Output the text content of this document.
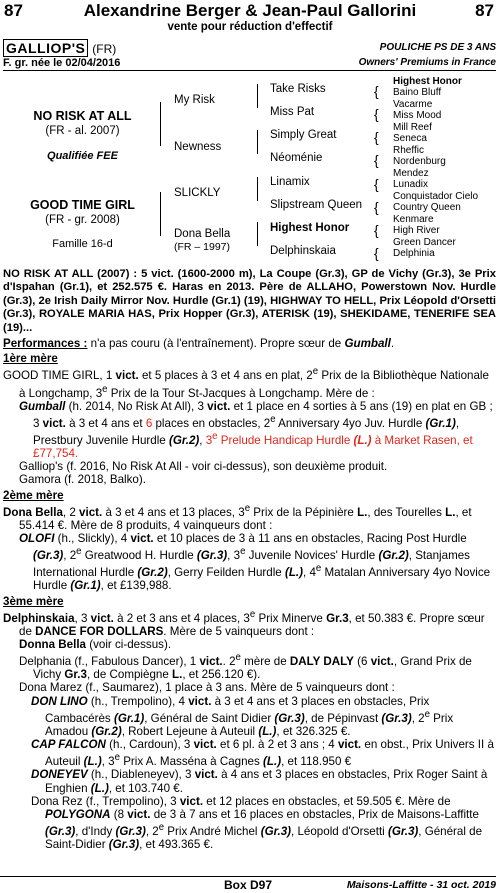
87	Alexandrine Berger & Jean-Paul Gallorini	87
vente pour réduction d'effectif
GALLIOP'S (FR)
F. gr. née le 02/04/2016
POULICHE PS DE 3 ANS
Owners' Premiums in France
NO RISK AT ALL
(FR - al. 2007)
Qualifiée FEE
GOOD TIME GIRL
(FR - gr. 2008)
Famille 16-d
My Risk
Newness
SLICKLY
Dona Bella
(FR – 1997)
Take Risks
Miss Pat
Simply Great
Néoménie
Linamix
Slipstream Queen
Highest Honor
Delphinskaia
{
{
{
{
{
{
{
{
Highest Honor
Baino Bluff
Vacarme
Miss Mood
Mill Reef
Seneca
Rheffic
Nordenburg
Mendez
Lunadix
Conquistador Cielo
Country Queen
Kenmare
High River
Green Dancer
Delphinia

NO RISK AT ALL (2007) : 5 vict. (1600-2000 m), La Coupe (Gr.3), GP de Vichy (Gr.3), 3e Prix d'Ispahan (Gr.1), et 252.575 €. Haras en 2013. Père de ALLAHO, Powerstown Nov. Hurdle (Gr.3), 2e Irish Daily Mirror Nov. Hurdle (Gr.1) (19), HIGHWAY TO HELL, Prix Léopold d'Orsetti (Gr.3), ROYALE MARIA HAS, Prix Hopper (Gr.3), ATERISK (19), SHEKIDAME, TENERIFE SEA (19)...

Performances : n'a pas couru (à l'entraînement). Propre sœur de Gumball.

1ère mère

GOOD TIME GIRL, 1 vict. et 5 places à 3 et 4 ans en plat, 2e Prix de la Bibliothèque Nationale à Longchamp, 3e Prix de la Tour St-Jacques à Longchamp. Mère de :

Gumball (h. 2014, No Risk At All), 3 vict. et 1 place en 4 sorties à 5 ans (19) en plat en GB ; 3 vict. à 3 et 4 ans et 6 places en obstacles, 2e Anniversary 4yo Juv. Hurdle (Gr.1), Prestbury Juvenile Hurdle (Gr.2), 3e Prelude Handicap Hurdle (L.) à Market Rasen, et £77,754.

Galliop's (f. 2016, No Risk At All - voir ci-dessus), son deuxième produit.

Gamora (f. 2018, Balko).

2ème mère

Dona Bella, 2 vict. à 3 et 4 ans et 13 places, 3e Prix de la Pépinière L., des Tourelles L., et 55.414 €. Mère de 8 produits, 4 vainqueurs dont :

OLOFI (h., Slickly), 4 vict. et 10 places de 3 à 11 ans en obstacles, Racing Post Hurdle (Gr.3), 2e Greatwood H. Hurdle (Gr.3), 3e Juvenile Novices' Hurdle (Gr.2), Stanjames International Hurdle (Gr.2), Gerry Feilden Hurdle (L.), 4e Matalan Anniversary 4yo Novice Hurdle (Gr.1), et £139,988.

3ème mère

Delphinskaia, 3 vict. à 2 et 3 ans et 4 places, 3e Prix Minerve Gr.3, et 50.383 €. Propre sœur de DANCE FOR DOLLARS. Mère de 5 vainqueurs dont :

Donna Bella (voir ci-dessus).

Delphania (f., Fabulous Dancer), 1 vict.. 2e mère de DALY DALY (6 vict., Grand Prix de Vichy Gr.3, de Compiègne L., et 256.120 €).

Dona Marez (f., Saumarez), 1 place à 3 ans. Mère de 5 vainqueurs dont :

DON LINO (h., Trempolino), 4 vict. à 3 et 4 ans et 3 places en obstacles, Prix Cambacérès (Gr.1), Général de Saint Didier (Gr.3), de Pépinvast (Gr.3), 2e Prix Amadou (Gr.2), Robert Lejeune à Auteuil (L.), et 326.325 €.

CAP FALCON (h., Cardoun), 3 vict. et 6 pl. à 2 et 3 ans ; 4 vict. en obst., Prix Univers II à Auteuil (L.), 3e Prix A. Masséna à Cagnes (L.), et 118.950 €

DONEYEV (h., Diableneyev), 3 vict. à 4 ans et 3 places en obstacles, Prix Roger Saint à Enghien (L.), et 103.740 €.

Dona Rez (f., Trempolino), 3 vict. et 12 places en obstacles, et 59.505 €. Mère de POLYGONA (8 vict. de 3 à 7 ans et 16 places en obstacles, Prix de Maisons-Laffitte (Gr.3), d'Indy (Gr.3), 2e Prix André Michel (Gr.3), Léopold d'Orsetti (Gr.3), Général de Saint-Didier (Gr.3), et 493.365 €.

Box D97	Maisons-Laffitte - 31 oct. 2019
